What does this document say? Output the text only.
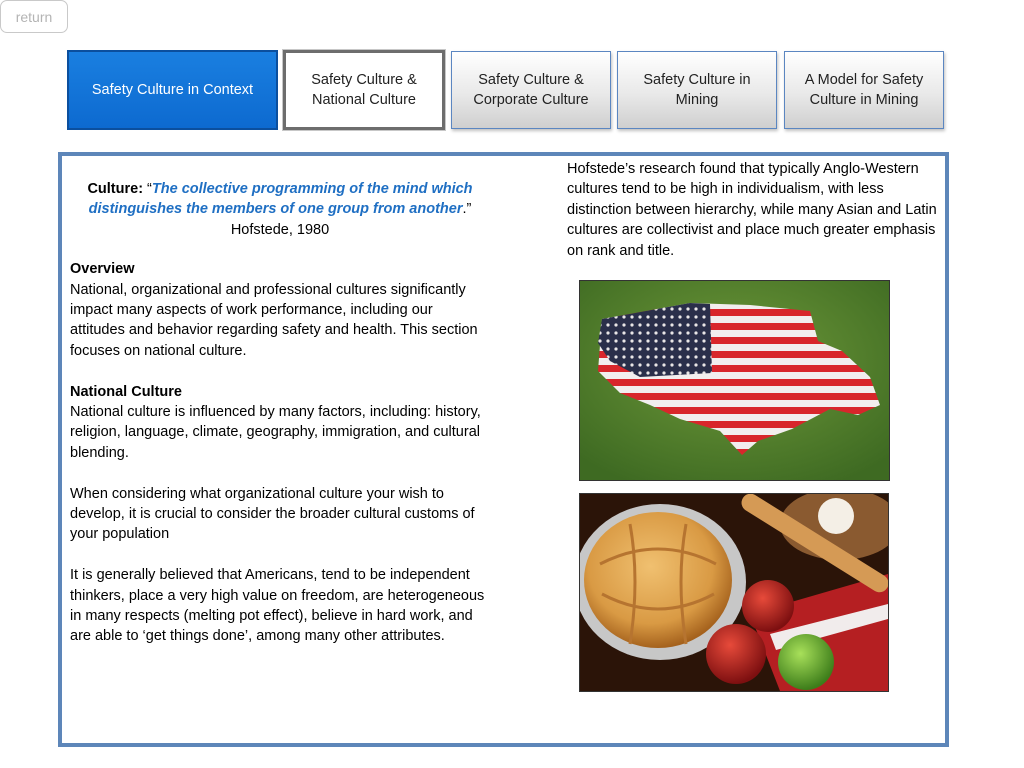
return
Safety Culture in Context
Safety Culture & National Culture
Safety Culture & Corporate Culture
Safety Culture in Mining
A Model for Safety Culture in Mining

Culture: “The collective programming of the mind which distinguishes the members of one group from another.”
Hofstede, 1980

Overview
National, organizational and professional cultures significantly impact many aspects of work performance, including our attitudes and behavior regarding safety and health. This section focuses on national culture.
National Culture
National culture is influenced by many factors, including: history, religion, language, climate, geography, immigration, and cultural blending.
When considering what organizational culture your wish to develop, it is crucial to consider the broader cultural customs of your population
It is generally believed that Americans, tend to be independent thinkers, place a very high value on freedom, are heterogeneous in many respects (melting pot effect), believe in hard work, and are able to ‘get things done’, among many other attributes.
Hofstede’s research found that typically Anglo-Western cultures tend to be high in individualism, with less distinction between hierarchy, while many Asian and Latin cultures are collectivist and place much greater emphasis on rank and title.
